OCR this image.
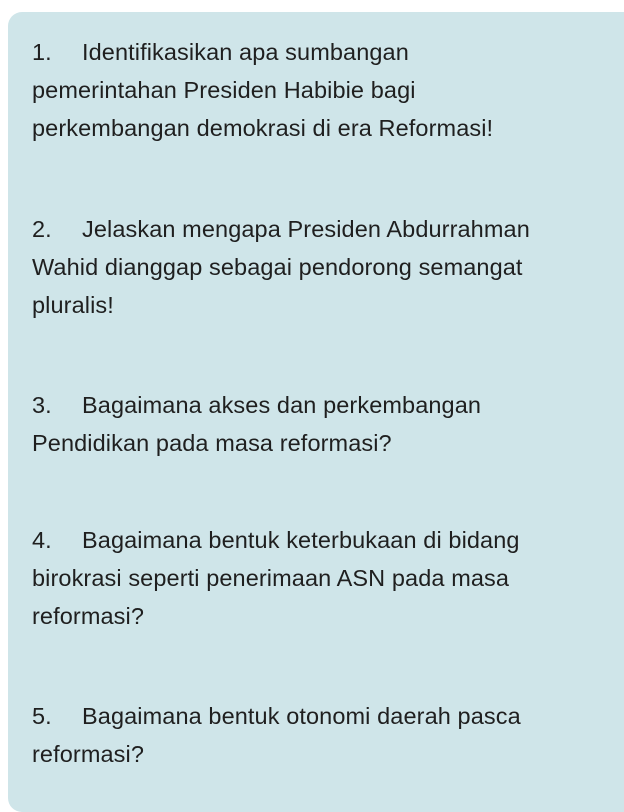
1. Identifikasikan apa sumbangan
pemerintahan Presiden Habibie bagi
perkembangan demokrasi di era Reformasi!
2. Jelaskan mengapa Presiden Abdurrahman
Wahid dianggap sebagai pendorong semangat
pluralis!
3. Bagaimana akses dan perkembangan
Pendidikan pada masa reformasi?
4. Bagaimana bentuk keterbukaan di bidang
birokrasi seperti penerimaan ASN pada masa
reformasi?
5. Bagaimana bentuk otonomi daerah pasca
reformasi?
